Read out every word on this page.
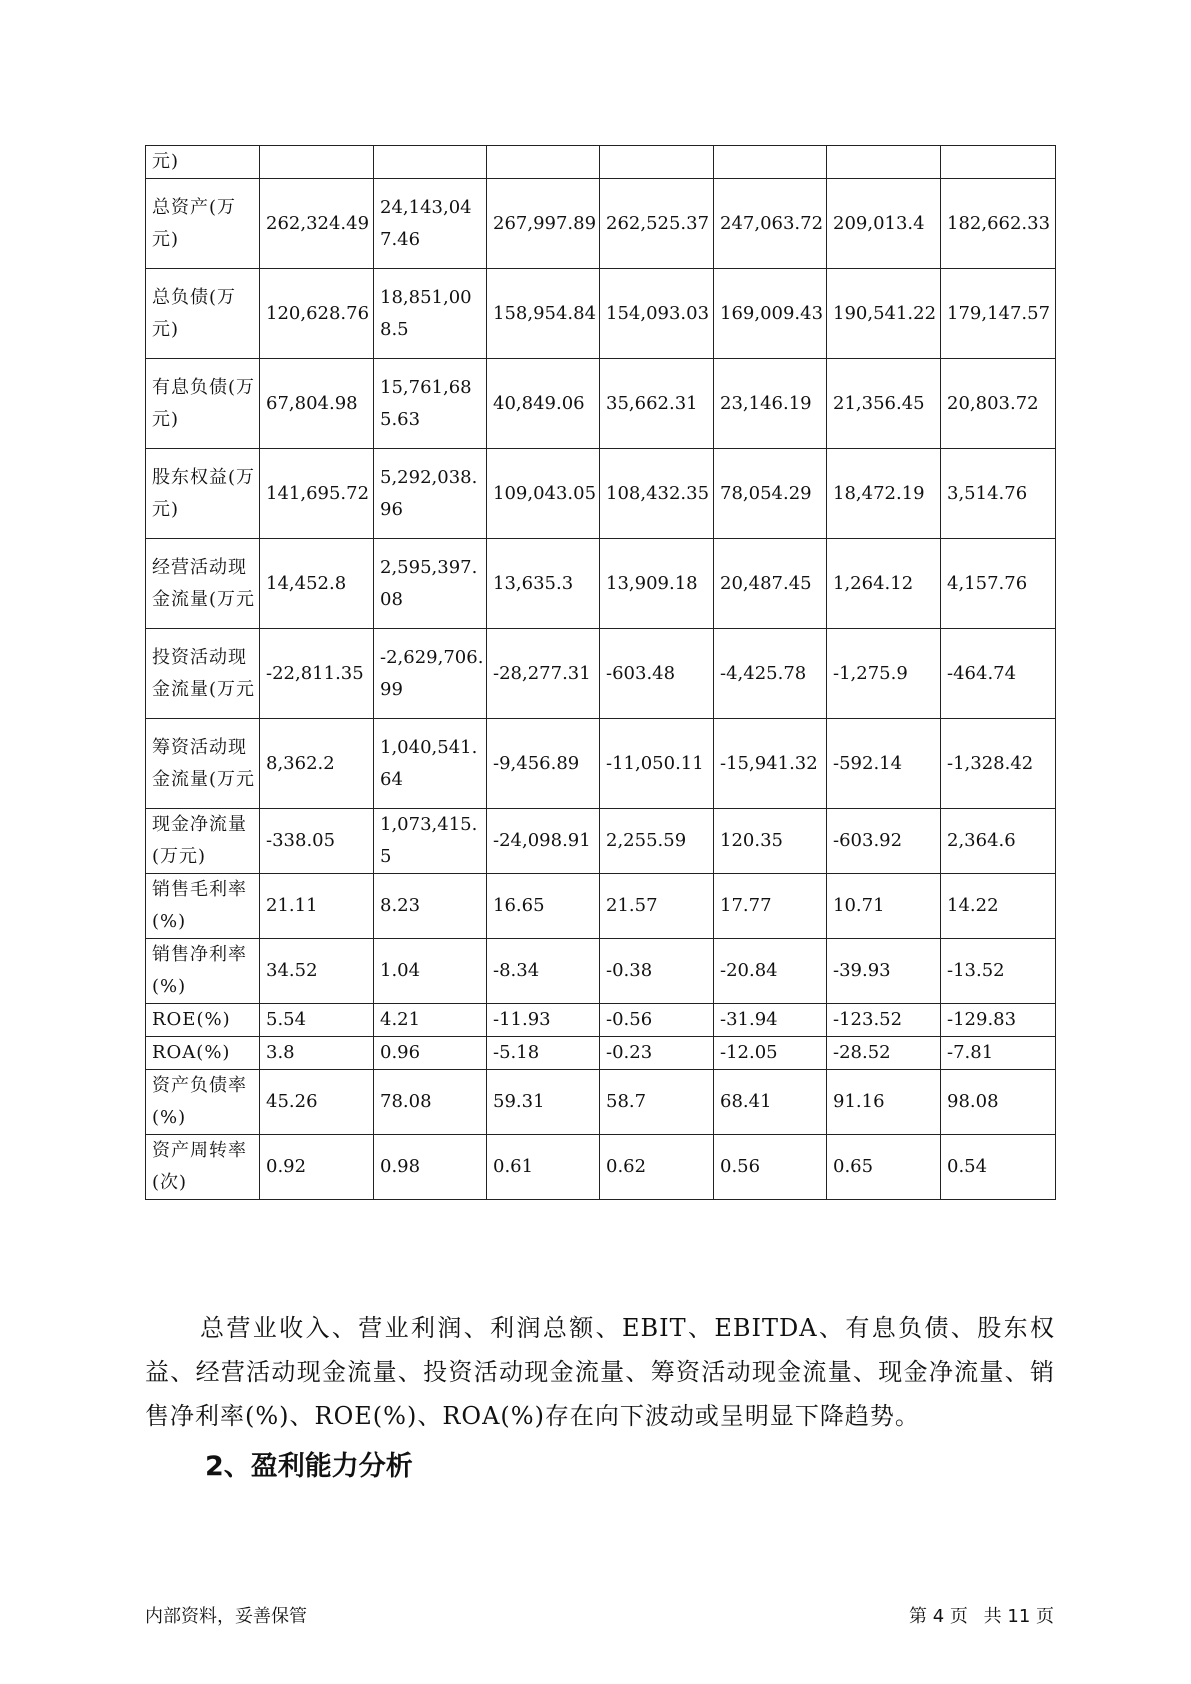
元)							
总资产(万元)	262,324.49	24,143,047.46	267,997.89	262,525.37	247,063.72	209,013.4	182,662.33
总负债(万元)	120,628.76	18,851,008.5	158,954.84	154,093.03	169,009.43	190,541.22	179,147.57
有息负债(万元)	67,804.98	15,761,685.63	40,849.06	35,662.31	23,146.19	21,356.45	20,803.72
股东权益(万元)	141,695.72	5,292,038.96	109,043.05	108,432.35	78,054.29	18,472.19	3,514.76
经营活动现金流量(万元	14,452.8	2,595,397.08	13,635.3	13,909.18	20,487.45	1,264.12	4,157.76
投资活动现金流量(万元	-22,811.35	-2,629,706.99	-28,277.31	-603.48	-4,425.78	-1,275.9	-464.74
筹资活动现金流量(万元	8,362.2	1,040,541.64	-9,456.89	-11,050.11	-15,941.32	-592.14	-1,328.42
现金净流量(万元)	-338.05	1,073,415.5	-24,098.91	2,255.59	120.35	-603.92	2,364.6
销售毛利率(%)	21.11	8.23	16.65	21.57	17.77	10.71	14.22
销售净利率(%)	34.52	1.04	-8.34	-0.38	-20.84	-39.93	-13.52
ROE(%)	5.54	4.21	-11.93	-0.56	-31.94	-123.52	-129.83
ROA(%)	3.8	0.96	-5.18	-0.23	-12.05	-28.52	-7.81
资产负债率(%)	45.26	78.08	59.31	58.7	68.41	91.16	98.08
资产周转率(次)	0.92	0.98	0.61	0.62	0.56	0.65	0.54

总营业收入、营业利润、利润总额、EBIT、EBITDA、有息负债、股东权益、经营活动现金流量、投资活动现金流量、筹资活动现金流量、现金净流量、销售净利率(%)、ROE(%)、ROA(%)存在向下波动或呈明显下降趋势。

2、盈利能力分析
内部资料，妥善保管	第 4 页 共 11 页
